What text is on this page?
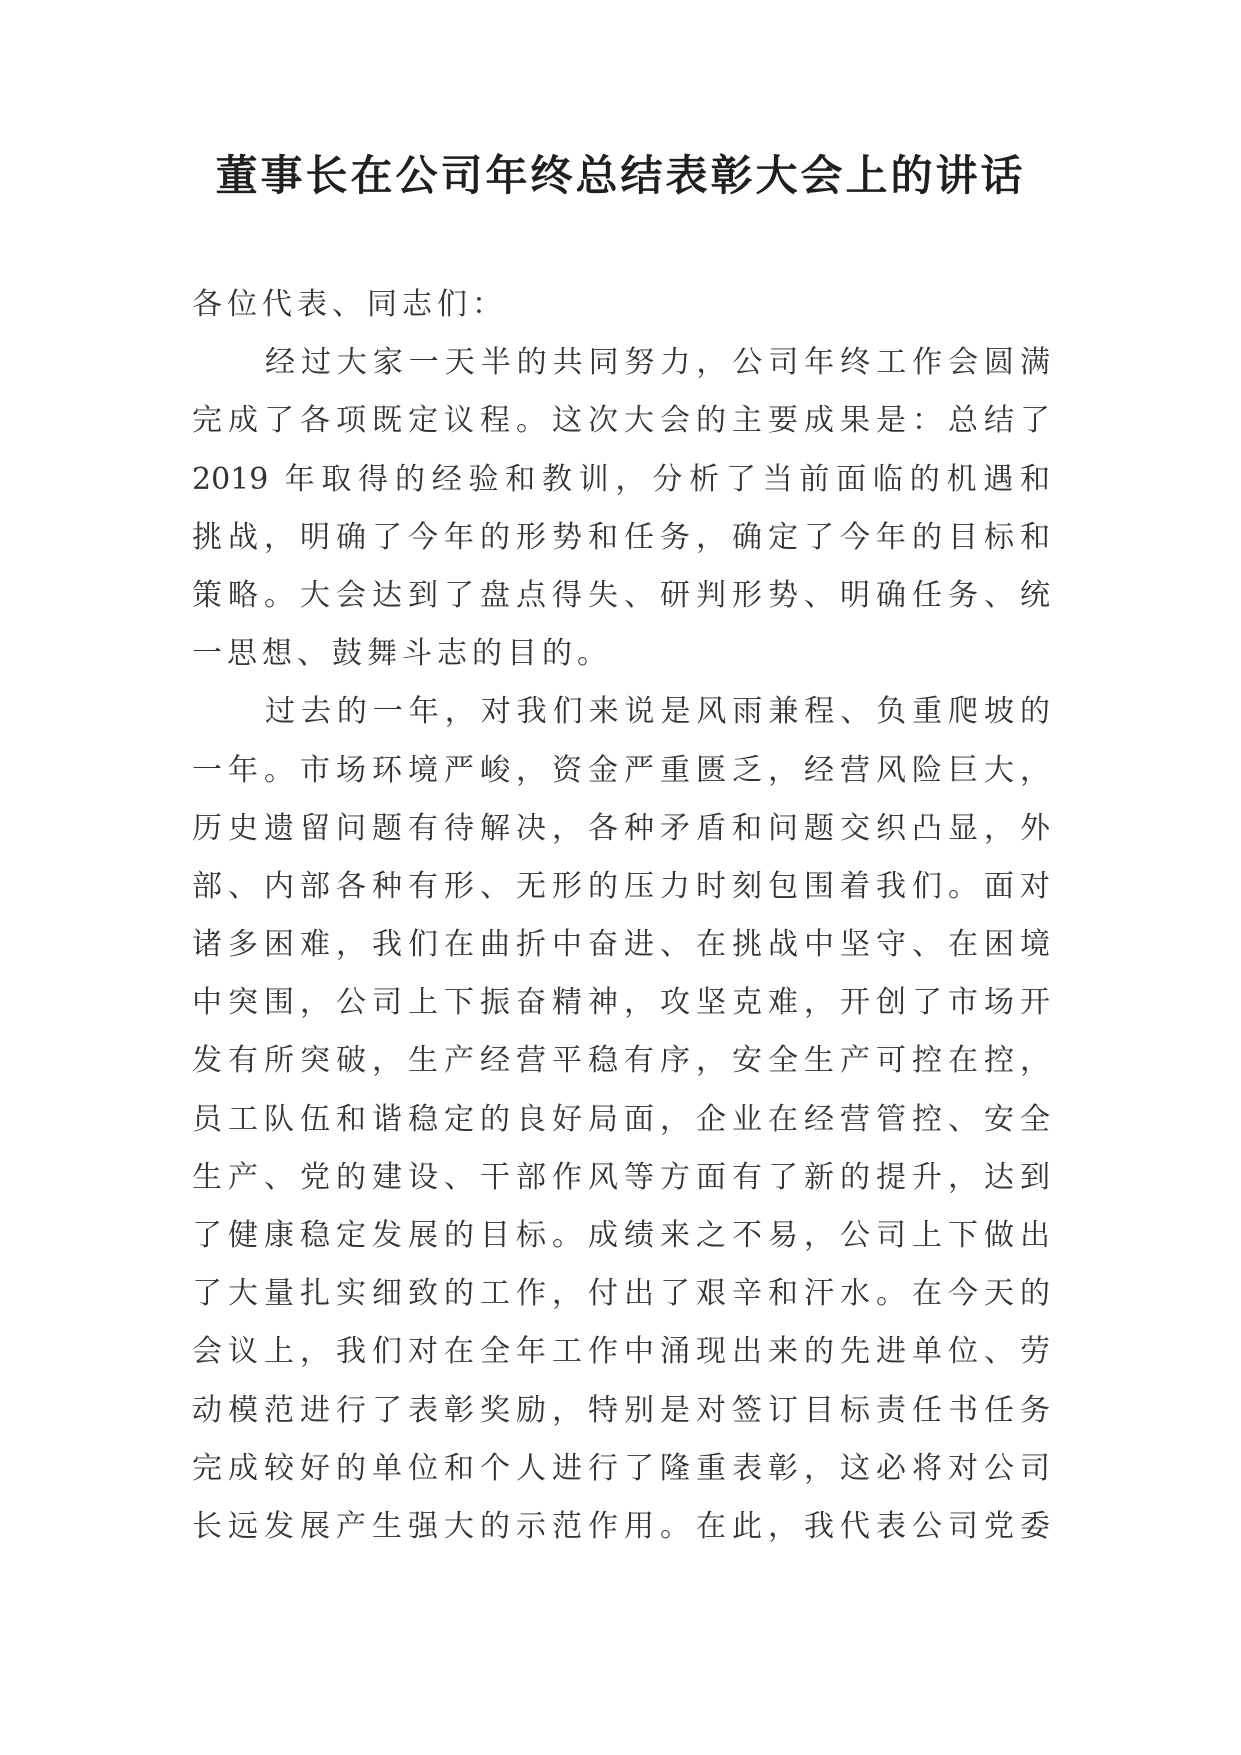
董事长在公司年终总结表彰大会上的讲话
各位代表、同志们：
经过大家一天半的共同努力，公司年终工作会圆满
完成了各项既定议程。这次大会的主要成果是：总结了
2019 年取得的经验和教训，分析了当前面临的机遇和
挑战，明确了今年的形势和任务，确定了今年的目标和
策略。大会达到了盘点得失、研判形势、明确任务、统
一思想、鼓舞斗志的目的。
过去的一年，对我们来说是风雨兼程、负重爬坡的
一年。市场环境严峻，资金严重匮乏，经营风险巨大，
历史遗留问题有待解决，各种矛盾和问题交织凸显，外
部、内部各种有形、无形的压力时刻包围着我们。面对
诸多困难，我们在曲折中奋进、在挑战中坚守、在困境
中突围，公司上下振奋精神，攻坚克难，开创了市场开
发有所突破，生产经营平稳有序，安全生产可控在控，
员工队伍和谐稳定的良好局面，企业在经营管控、安全
生产、党的建设、干部作风等方面有了新的提升，达到
了健康稳定发展的目标。成绩来之不易，公司上下做出
了大量扎实细致的工作，付出了艰辛和汗水。在今天的
会议上，我们对在全年工作中涌现出来的先进单位、劳
动模范进行了表彰奖励，特别是对签订目标责任书任务
完成较好的单位和个人进行了隆重表彰，这必将对公司
长远发展产生强大的示范作用。在此，我代表公司党委
